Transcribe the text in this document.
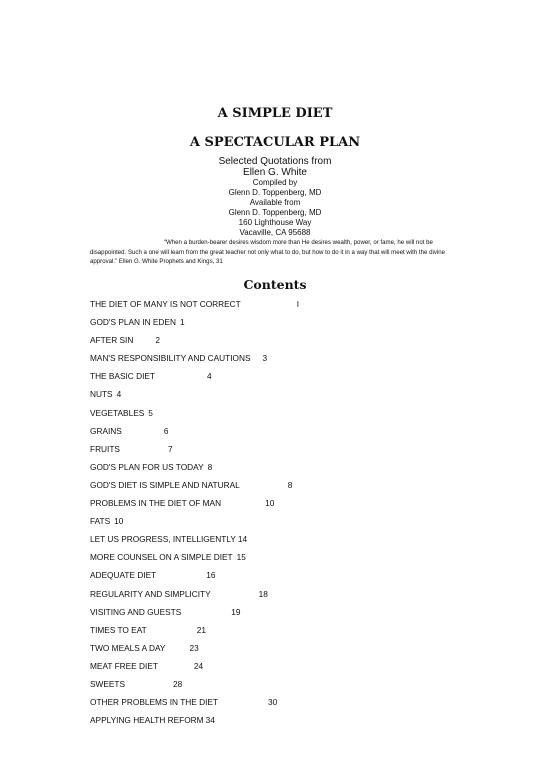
A SIMPLE DIET
A SPECTACULAR PLAN
Selected Quotations from
Ellen G. White
Compiled by
Glenn D. Toppenberg, MD
Available from
Glenn D. Toppenberg, MD
160 Lighthouse Way
Vacaville, CA 95688

“When a burden-bearer desires wisdom more than He desires wealth, power, or fame, he will not be disappointed. Such a one will learn from the great teacher not only what to do, but how to do it in a way that will meet with the divine approval.” Ellen G. White Prophets and Kings, 31

Contents
THE DIET OF MANY IS NOT CORRECT	I
GOD'S PLAN IN EDEN 1
AFTER SIN	2
MAN'S RESPONSIBILITY AND CAUTIONS 3
THE BASIC DIET	4
NUTS 4
VEGETABLES 5
GRAINS	6
FRUITS	7
GOD'S PLAN FOR US TODAY 8
GOD'S DIET IS SIMPLE AND NATURAL	8
PROBLEMS IN THE DIET OF MAN	10
FATS 10
LET US PROGRESS, INTELLIGENTLY 14
MORE COUNSEL ON A SIMPLE DIET 15
ADEQUATE DIET	16
REGULARITY AND SIMPLICITY	18
VISITING AND GUESTS	19
TIMES TO EAT	21
TWO MEALS A DAY	23
MEAT FREE DIET	24
SWEETS	28
OTHER PROBLEMS IN THE DIET	30
APPLYING HEALTH REFORM 34
